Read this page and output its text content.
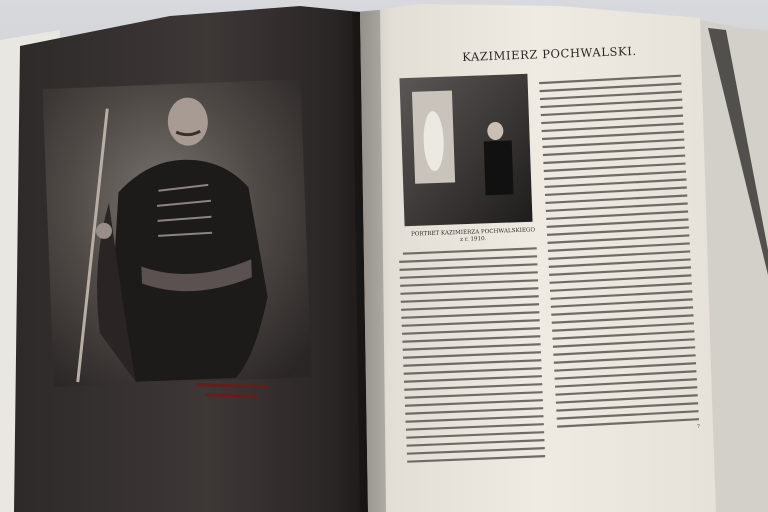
KAZIMIERZ POCHWALSKI.
PORTRET KAZIMIERZA POCHWALSKIEGO
z r. 1910.
7
